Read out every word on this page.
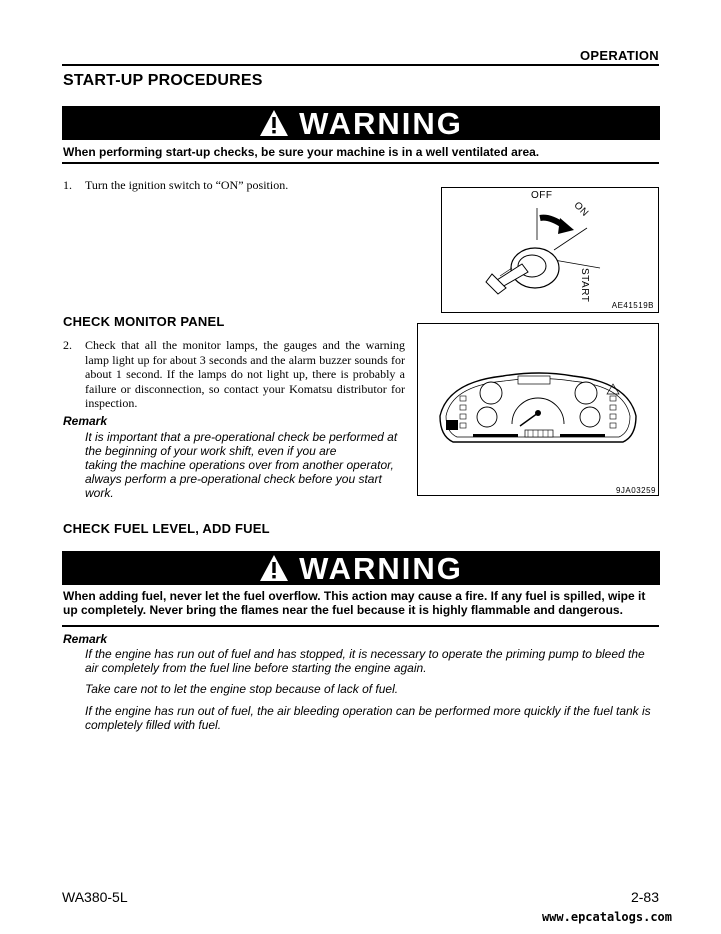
OPERATION
START-UP PROCEDURES
WARNING
When performing start-up checks, be sure your machine is in a well ventilated area.
1. Turn the ignition switch to “ON” position.
OFF
ON
START
AE41519B
CHECK MONITOR PANEL
2. Check that all the monitor lamps, the gauges and the warning lamp light up for about 3 seconds and the alarm buzzer sounds for about 1 second. If the lamps do not light up, there is probably a failure or disconnection, so contact your Komatsu distributor for inspection.
Remark
It is important that a pre-operational check be performed at
the beginning of your work shift, even if you are
taking the machine operations over from another operator,
always perform a pre-operational check before you start
work.	9JA03259
CHECK FUEL LEVEL, ADD FUEL
WARNING
When adding fuel, never let the fuel overflow. This action may cause a fire. If any fuel is spilled, wipe it up completely. Never bring the flames near the fuel because it is highly flammable and dangerous.
Remark
If the engine has run out of fuel and has stopped, it is necessary to operate the priming pump to bleed the air completely from the fuel line before starting the engine again.
Take care not to let the engine stop because of lack of fuel.
If the engine has run out of fuel, the air bleeding operation can be performed more quickly if the fuel tank is completely filled with fuel.
WA380-5L	2-83
www.epcatalogs.com
